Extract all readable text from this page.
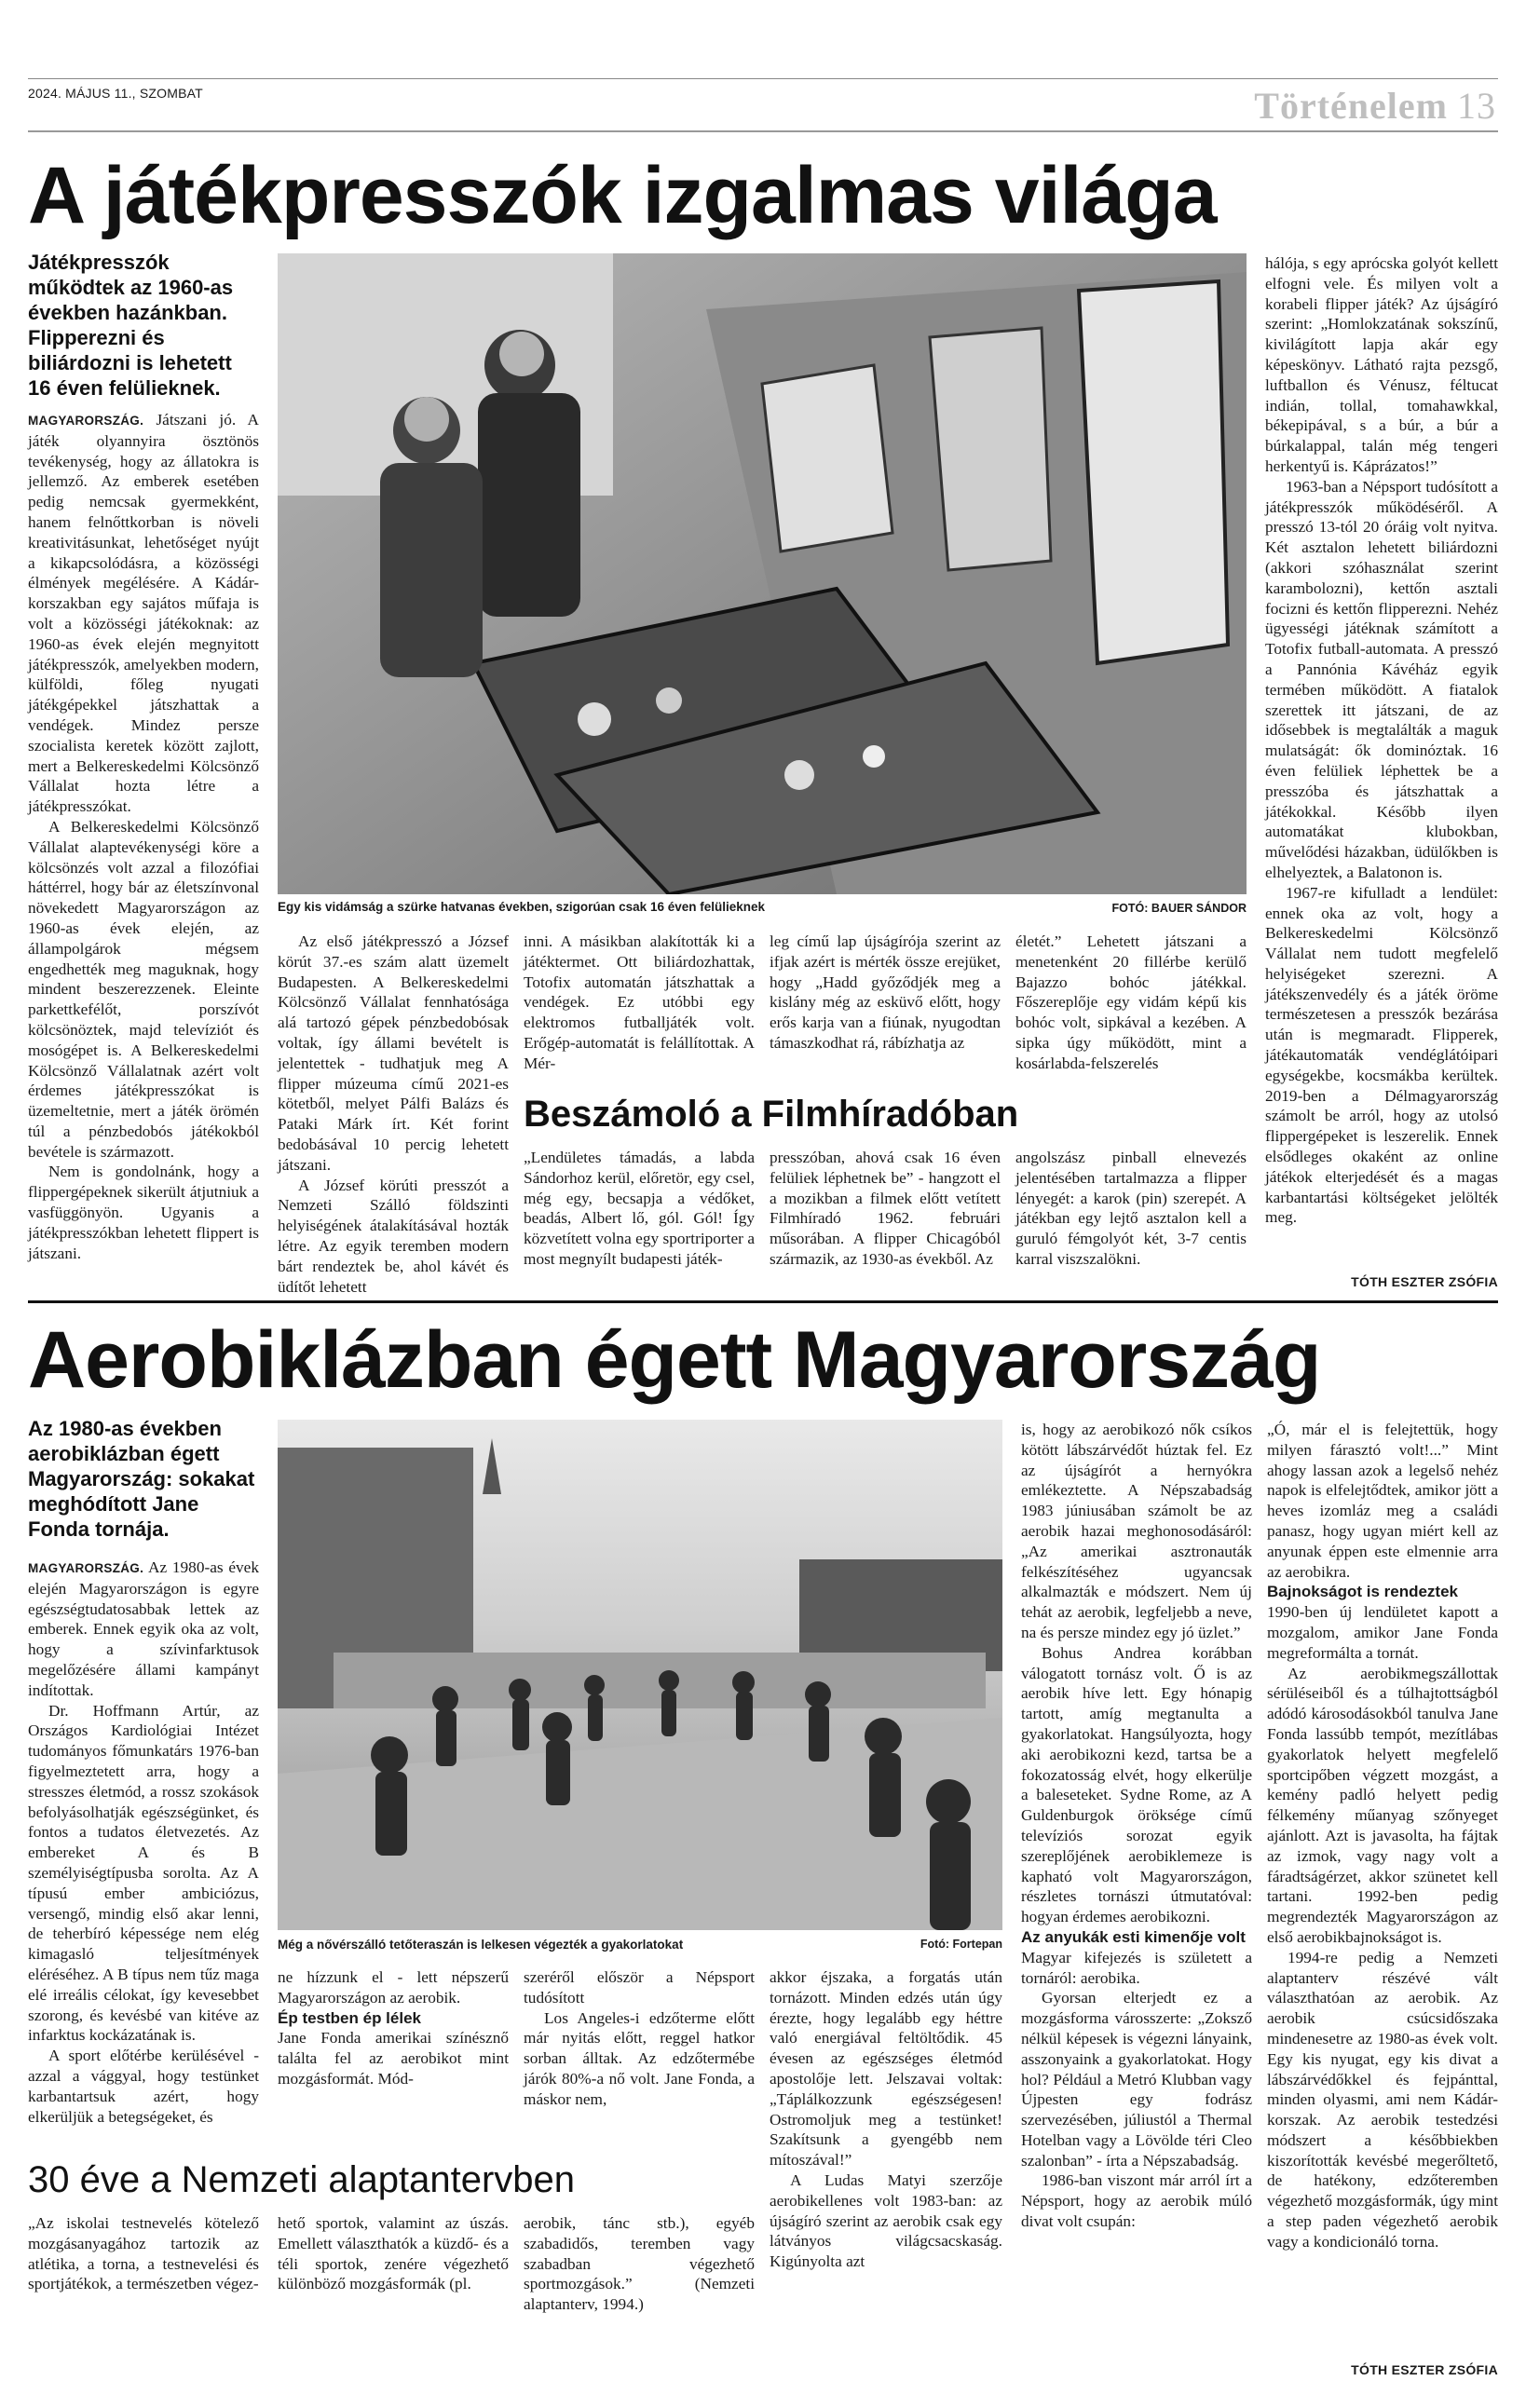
2024. MÁJUS 11., SZOMBAT	Történelem 13
A játékpresszók izgalmas világa
Játékpresszók működtek az 1960-as években hazánkban. Flipperezni és biliárdozni is lehetett 16 éven felülieknek.

MAGYARORSZÁG. Játszani jó. A játék olyannyira ösztönös tevékenység, hogy az állatokra is jellemző. Az emberek esetében pedig nemcsak gyermekként, hanem felnőttkorban is növeli kreativitásunkat, lehetőséget nyújt a kikapcsolódásra, a közösségi élmények megélésére. A Kádár-korszakban egy sajátos műfaja is volt a közösségi játékoknak: az 1960-as évek elején megnyitott játékpresszók, amelyekben modern, külföldi, főleg nyugati játékgépekkel játszhattak a vendégek. Mindez persze szocialista keretek között zajlott, mert a Belkereskedelmi Kölcsönző Vállalat hozta létre a játékpresszókat.

A Belkereskedelmi Kölcsönző Vállalat alaptevékenységi köre a kölcsönzés volt azzal a filozófiai háttérrel, hogy bár az életszínvonal növekedett Magyarországon az 1960-as évek elején, az állampolgárok mégsem engedhették meg maguknak, hogy mindent beszerezzenek. Eleinte parkettkefélőt, porszívót kölcsönöztek, majd televíziót és mosógépet is. A Belkereskedelmi Kölcsönző Vállalatnak azért volt érdemes játékpresszókat is üzemeltetnie, mert a játék örömén túl a pénzbedobós játékokból bevétele is származott.

Nem is gondolnánk, hogy a flippergépeknek sikerült átjutniuk a vasfüggönyön. Ugyanis a játékpresszókban lehetett flippert is játszani.

Egy kis vidámság a szürke hatvanas években, szigorúan csak 16 éven felülieknek	FOTÓ: BAUER SÁNDOR

Az első játékpresszó a József körút 37.-es szám alatt üzemelt Budapesten. A Belkereskedelmi Kölcsönző Vállalat fennhatósága alá tartozó gépek pénzbedobósak voltak, így állami bevételt is jelentettek - tudhatjuk meg A flipper múzeuma című 2021-es kötetből, melyet Pálfi Balázs és Pataki Márk írt. Két forint bedobásával 10 percig lehetett játszani.

A József körúti presszót a Nemzeti Szálló földszinti helyiségének átalakításával hozták létre. Az egyik teremben modern bárt rendeztek be, ahol kávét és üdítőt lehetett

inni. A másikban alakították ki a játéktermet. Ott biliárdozhattak, Totofix automatán játszhattak a vendégek. Ez utóbbi egy elektromos futballjáték volt. Erőgép-automatát is felállítottak. A Mér-

leg című lap újságírója szerint az ifjak azért is mérték össze erejüket, hogy „Hadd győződjék meg a kislány még az esküvő előtt, hogy erős karja van a fiúnak, nyugodtan támaszkodhat rá, rábízhatja az

életét.” Lehetett játszani a menetenként 20 fillérbe kerülő Bajazzo bohóc játékkal. Főszereplője egy vidám képű kis bohóc volt, sipkával a kezében. A sipka úgy működött, mint a kosárlabda-felszerelés

Beszámoló a Filmhíradóban

„Lendületes támadás, a labda Sándorhoz kerül, előretör, egy csel, még egy, becsapja a védőket, beadás, Albert lő, gól. Gól! Így közvetített volna egy sportriporter a most megnyílt budapesti játék-

presszóban, ahová csak 16 éven felüliek léphetnek be” - hangzott el a mozikban a filmek előtt vetített Filmhíradó 1962. februári műsorában. A flipper Chicagóból származik, az 1930-as évekből. Az

angolszász pinball elnevezés jelentésében tartalmazza a flipper lényegét: a karok (pin) szerepét. A játékban egy lejtő asztalon kell a guruló fémgolyót két, 3-7 centis karral viszszalökni.

hálója, s egy aprócska golyót kellett elfogni vele. És milyen volt a korabeli flipper játék? Az újságíró szerint: „Homlokzatának sokszínű, kivilágított lapja akár egy képeskönyv. Látható rajta pezsgő, luftballon és Vénusz, féltucat indián, tollal, tomahawkkal, békepipával, s a búr, a búr a búrkalappal, talán még tengeri herkentyű is. Káprázatos!”

1963-ban a Népsport tudósított a játékpresszók működéséről. A presszó 13-tól 20 óráig volt nyitva. Két asztalon lehetett biliárdozni (akkori szóhasználat szerint karambolozni), kettőn asztali focizni és kettőn flipperezni. Nehéz ügyességi játéknak számított a Totofix futball-automata. A presszó a Pannónia Kávéház egyik termében működött. A fiatalok szerettek itt játszani, de az idősebbek is megtalálták a maguk mulatságát: ők dominóztak. 16 éven felüliek léphettek be a presszóba és játszhattak a játékokkal. Később ilyen automatákat klubokban, művelődési házakban, üdülőkben is elhelyeztek, a Balatonon is.

1967-re kifulladt a lendület: ennek oka az volt, hogy a Belkereskedelmi Kölcsönző Vállalat nem tudott megfelelő helyiségeket szerezni. A játékszenvedély és a játék öröme természetesen a presszók bezárása után is megmaradt. Flipperek, játékautomaták vendéglátóipari egységekbe, kocsmákba kerültek. 2019-ben a Délmagyarország számolt be arról, hogy az utolsó flippergépeket is leszerelik. Ennek elsődleges okaként az online játékok elterjedését és a magas karbantartási költségeket jelölték meg.

TÓTH ESZTER ZSÓFIA
Aerobiklázban égett Magyarország
Az 1980-as években aerobiklázban égett Magyarország: sokakat meghódított Jane Fonda tornája.

MAGYARORSZÁG. Az 1980-as évek elején Magyarországon is egyre egészségtudatosabbak lettek az emberek. Ennek egyik oka az volt, hogy a szívinfarktusok megelőzésére állami kampányt indítottak.

Dr. Hoffmann Artúr, az Országos Kardiológiai Intézet tudományos főmunkatárs 1976-ban figyelmeztetett arra, hogy a stresszes életmód, a rossz szokások befolyásolhatják egészségünket, és fontos a tudatos életvezetés. Az embereket A és B személyiségtípusba sorolta. Az A típusú ember ambiciózus, versengő, mindig első akar lenni, de teherbíró képessége nem elég kimagasló teljesítmények eléréséhez. A B típus nem tűz maga elé irreális célokat, így kevesebbet szorong, és kevésbé van kitéve az infarktus kockázatának is.

A sport előtérbe kerülésével - azzal a vággyal, hogy testünket karbantartsuk azért, hogy elkerüljük a betegségeket, és

Még a nővérszálló tetőteraszán is lelkesen végezték a gyakorlatokat	Fotó: Fortepan

ne hízzunk el - lett népszerű Magyarországon az aerobik.

Ép testben ép lélek

Jane Fonda amerikai színésznő találta fel az aerobikot mint mozgásformát. Mód-

szeréről először a Népsport tudósított

Los Angeles-i edzőterme előtt már nyitás előtt, reggel hatkor sorban álltak. Az edzőtermébe járók 80%-a nő volt. Jane Fonda, a máskor nem,

akkor éjszaka, a forgatás után tornázott. Minden edzés után úgy érezte, hogy legalább egy héttre való energiával feltöltődik. 45 évesen az egészséges életmód apostolője lett. Jelszavai voltak: „Táplálkozzunk egészségesen! Ostromoljuk meg a testünket! Szakítsunk a gyengébb nem mítoszával!”

A Ludas Matyi szerzője aerobikellenes volt 1983-ban: az újságíró szerint az aerobik csak egy látványos világcsacskaság. Kigúnyolta azt

30 éve a Nemzeti alaptantervben

„Az iskolai testnevelés kötelező mozgásanyagához tartozik az atlétika, a torna, a testnevelési és sportjátékok, a természetben végez-

hető sportok, valamint az úszás. Emellett választhatók a küzdő- és a téli sportok, zenére végezhető különböző mozgásformák (pl.

aerobik, tánc stb.), egyéb szabadidős, teremben vagy szabadban végezhető sportmozgások.” (Nemzeti alaptanterv, 1994.)

is, hogy az aerobikozó nők csíkos kötött lábszárvédőt húztak fel. Ez az újságírót a hernyókra emlékeztette. A Népszabadság 1983 júniusában számolt be az aerobik hazai meghonosodásáról: „Az amerikai asztronauták felkészítéséhez ugyancsak alkalmazták e módszert. Nem új tehát az aerobik, legfeljebb a neve, na és persze mindez egy jó üzlet.”

Bohus Andrea korábban válogatott tornász volt. Ő is az aerobik híve lett. Egy hónapig tartott, amíg megtanulta a gyakorlatokat. Hangsúlyozta, hogy aki aerobikozni kezd, tartsa be a fokozatosság elvét, hogy elkerülje a baleseteket. Sydne Rome, az A Guldenburgok öröksége című televíziós sorozat egyik szereplőjének aerobiklemeze is kapható volt Magyarországon, részletes tornászi útmutatóval: hogyan érdemes aerobikozni.

Az anyukák esti kimenője volt

Magyar kifejezés is született a tornáról: aerobika.

Gyorsan elterjedt ez a mozgásforma városszerte: „Zoksző nélkül képesek is végezni lányaink, asszonyaink a gyakorlatokat. Hogy hol? Például a Metró Klubban vagy Újpesten egy fodrász szervezésében, júliustól a Thermal Hotelban vagy a Lövölde téri Cleo szalonban” - írta a Népszabadság.

1986-ban viszont már arról írt a Népsport, hogy az aerobik múló divat volt csupán:

„Ó, már el is felejtettük, hogy milyen fárasztó volt!...” Mint ahogy lassan azok a legelső nehéz napok is elfelejtődtek, amikor jött a heves izomláz meg a családi panasz, hogy ugyan miért kell az anyunak éppen este elmennie arra az aerobikra.

Bajnokságot is rendeztek

1990-ben új lendületet kapott a mozgalom, amikor Jane Fonda megreformálta a tornát.

Az aerobikmegszállottak sérüléseiből és a túlhajtottságból adódó károsodásokból tanulva Jane Fonda lassúbb tempót, mezítlábas gyakorlatok helyett megfelelő sportcipőben végzett mozgást, a kemény padló helyett pedig félkemény műanyag szőnyeget ajánlott. Azt is javasolta, ha fájtak az izmok, vagy nagy volt a fáradtságérzet, akkor szünetet kell tartani. 1992-ben pedig megrendezték Magyarországon az első aerobikbajnokságot is.

1994-re pedig a Nemzeti alaptanterv részévé vált választhatóan az aerobik. Az aerobik csúcsidőszaka mindenesetre az 1980-as évek volt. Egy kis nyugat, egy kis divat a lábszárvédőkkel és fejpánttal, minden olyasmi, ami nem Kádár-korszak. Az aerobik testedzési módszert a későbbiekben kiszorították kevésbé megerőltető, de hatékony, edzőteremben végezhető mozgásformák, úgy mint a step paden végezhető aerobik vagy a kondicionáló torna.

TÓTH ESZTER ZSÓFIA
